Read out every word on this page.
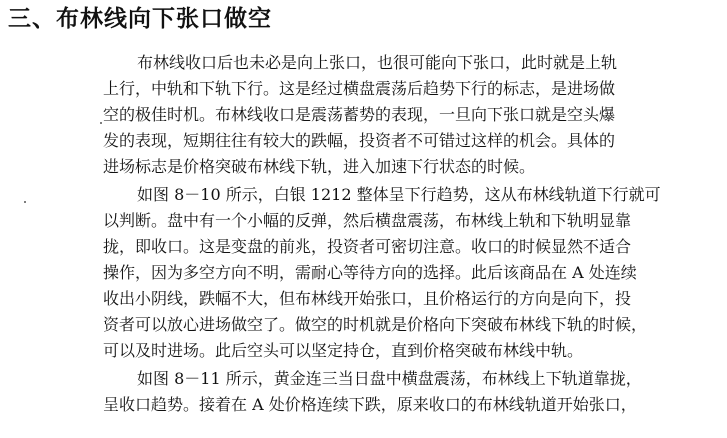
三、布林线向下张口做空
布林线收口后也未必是向上张口，也很可能向下张口，此时就是上轨
上行，中轨和下轨下行。这是经过横盘震荡后趋势下行的标志，是进场做
空的极佳时机。布林线收口是震荡蓄势的表现，一旦向下张口就是空头爆
发的表现，短期往往有较大的跌幅，投资者不可错过这样的机会。具体的
进场标志是价格突破布林线下轨，进入加速下行状态的时候。
如图 8－10 所示，白银 1212 整体呈下行趋势，这从布林线轨道下行就可
以判断。盘中有一个小幅的反弹，然后横盘震荡，布林线上轨和下轨明显靠
拢，即收口。这是变盘的前兆，投资者可密切注意。收口的时候显然不适合
操作，因为多空方向不明，需耐心等待方向的选择。此后该商品在 A 处连续
收出小阴线，跌幅不大，但布林线开始张口，且价格运行的方向是向下，投
资者可以放心进场做空了。做空的时机就是价格向下突破布林线下轨的时候，
可以及时进场。此后空头可以坚定持仓，直到价格突破布林线中轨。
如图 8－11 所示，黄金连三当日盘中横盘震荡，布林线上下轨道靠拢，
呈收口趋势。接着在 A 处价格连续下跌，原来收口的布林线轨道开始张口，
